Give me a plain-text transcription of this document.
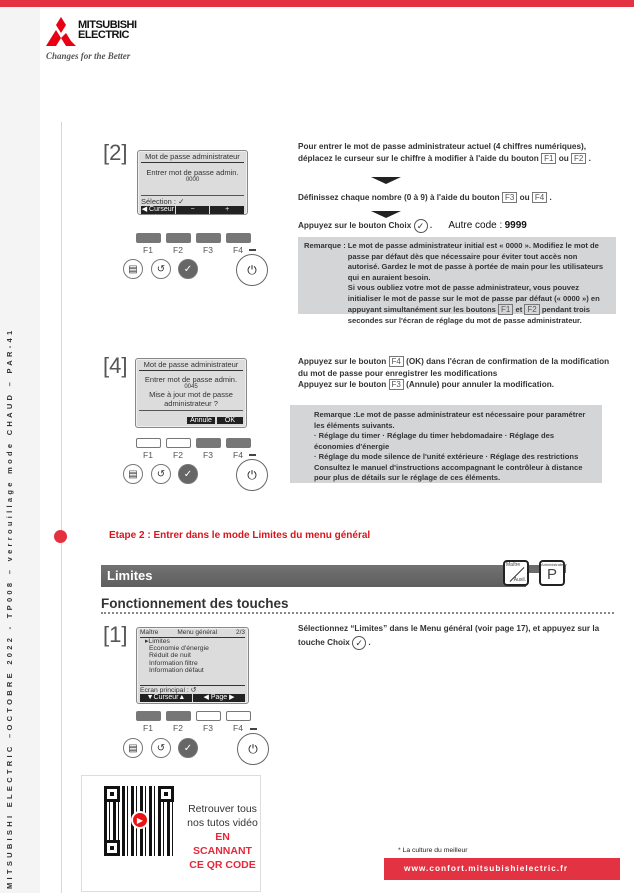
MITSUBISHI ELECTRIC –OCTOBRE 2022 - TP008 – verrouillage mode CHAUD – PAR-41
MITSUBISHI
ELECTRIC
Changes for the Better
[2]	Mot de passe administrateur
Entrer mot de passe admin.
0000
Sélection : ✓
◀ Curseur ▶
−	+
F1	F2	F3	F4
▤ ↺ ✓	⏻
Pour entrer le mot de passe administrateur actuel (4 chiffres numériques), déplacez le curseur sur le chiffre à modifier à l'aide du bouton F1 ou F2 .
Définissez chaque nombre (0 à 9) à l'aide du bouton F3 ou F4 .
Appuyez sur le bouton Choix ✓ . Autre code : 9999
Remarque : Le mot de passe administrateur initial est « 0000 ». Modifiez le mot de passe par défaut dès que nécessaire pour éviter tout accès non autorisé. Gardez le mot de passe à portée de main pour les utilisateurs qui en auraient besoin.
Si vous oubliez votre mot de passe administrateur, vous pouvez initialiser le mot de passe sur le mot de passe par défaut (« 0000 ») en appuyant simultanément sur les boutons F1 et F2 pendant trois secondes sur l'écran de réglage du mot de passe administrateur.
[4]	Mot de passe administrateur
Entrer mot de passe admin.
0045
Mise à jour mot de passe
administrateur ?
Annule	OK
F1	F2	F3	F4
▤ ↺ ✓	⏻
Appuyez sur le bouton F4 (OK) dans l'écran de confirmation de la modification du mot de passe pour enregistrer les modifications
Appuyez sur le bouton F3 (Annule) pour annuler la modification.
Remarque :Le mot de passe administrateur est nécessaire pour paramétrer les éléments suivants.
· Réglage du timer · Réglage du timer hebdomadaire · Réglage des économies d'énergie
· Réglage du mode silence de l'unité extérieure · Réglage des restrictions
Consultez le manuel d'instructions accompagnant le contrôleur à distance pour plus de détails sur le réglage de ces éléments.
Etape 2 : Entrer dans le mode Limites du menu général
Limites
Maître
Auxil.
Administrateur
P
Fonctionnement des touches
[1] Maître	Menu général	2/3
▸Limites
Economie d'énergie
Réduit de nuit
Information filtre
Information défaut
Ecran principal : ↺
▼Curseur▲	◀ Page ▶
F1	F2	F3	F4
▤ ↺ ✓	⏻
Sélectionnez “Limites” dans le Menu général (voir page 17), et appuyez sur la touche Choix ✓ .
▶
Retrouver tous
nos tutos vidéo
EN SCANNANT
CE QR CODE
* La culture du meilleur
www.confort.mitsubishielectric.fr
